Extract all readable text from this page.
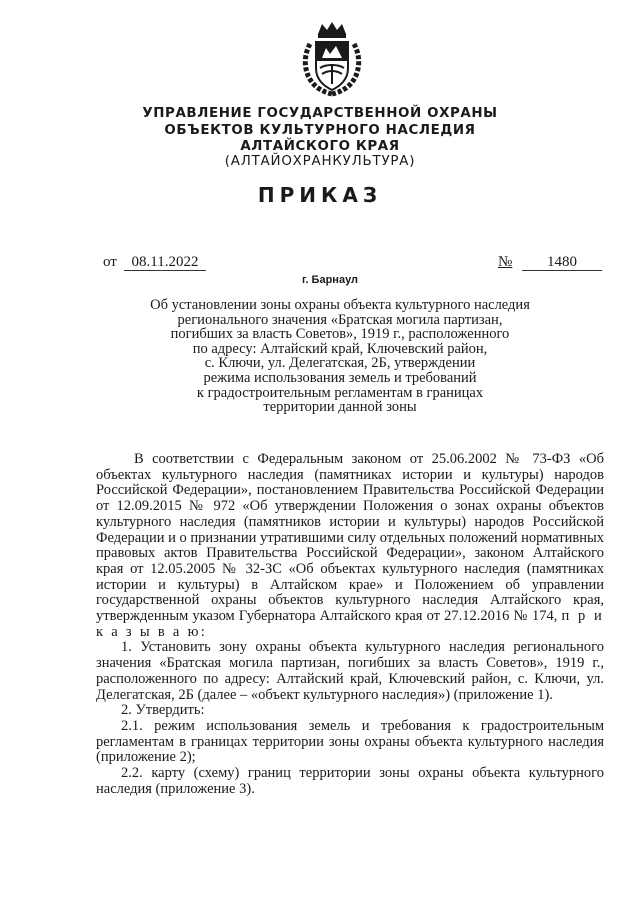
УПРАВЛЕНИЕ ГОСУДАРСТВЕННОЙ ОХРАНЫ
ОБЪЕКТОВ КУЛЬТУРНОГО НАСЛЕДИЯ
АЛТАЙСКОГО КРАЯ
(АЛТАЙОХРАНКУЛЬТУРА)
ПРИКАЗ
от 08.11.2022	№	1480
г. Барнаул
Об установлении зоны охраны объекта культурного наследия
регионального значения «Братская могила партизан,
погибших за власть Советов», 1919 г., расположенного
по адресу: Алтайский край, Ключевский район,
с. Ключи, ул. Делегатская, 2Б, утверждении
режима использования земель и требований
к градостроительным регламентам в границах
территории данной зоны

В соответствии с Федеральным законом от 25.06.2002 № 73-ФЗ «Об объектах культурного наследия (памятниках истории и культуры) народов Российской Федерации», постановлением Правительства Российской Федерации от 12.09.2015 № 972 «Об утверждении Положения о зонах охраны объектов культурного наследия (памятников истории и культуры) народов Российской Федерации и о признании утратившими силу отдельных положений нормативных правовых актов Правительства Российской Федерации», законом Алтайского края от 12.05.2005 № 32-ЗС «Об объектах культурного наследия (памятниках истории и культуры) в Алтайском крае» и Положением об управлении государственной охраны объектов культурного наследия Алтайского края, утвержденным указом Губернатора Алтайского края от 27.12.2016 № 174, п р и к а з ы в а ю:

1. Установить зону охраны объекта культурного наследия регионального значения «Братская могила партизан, погибших за власть Советов», 1919 г., расположенного по адресу: Алтайский край, Ключевский район, с. Ключи, ул. Делегатская, 2Б (далее – «объект культурного наследия») (приложение 1).

2. Утвердить:

2.1. режим использования земель и требования к градостроительным регламентам в границах территории зоны охраны объекта культурного наследия (приложение 2);

2.2. карту (схему) границ территории зоны охраны объекта культурного наследия (приложение 3).
